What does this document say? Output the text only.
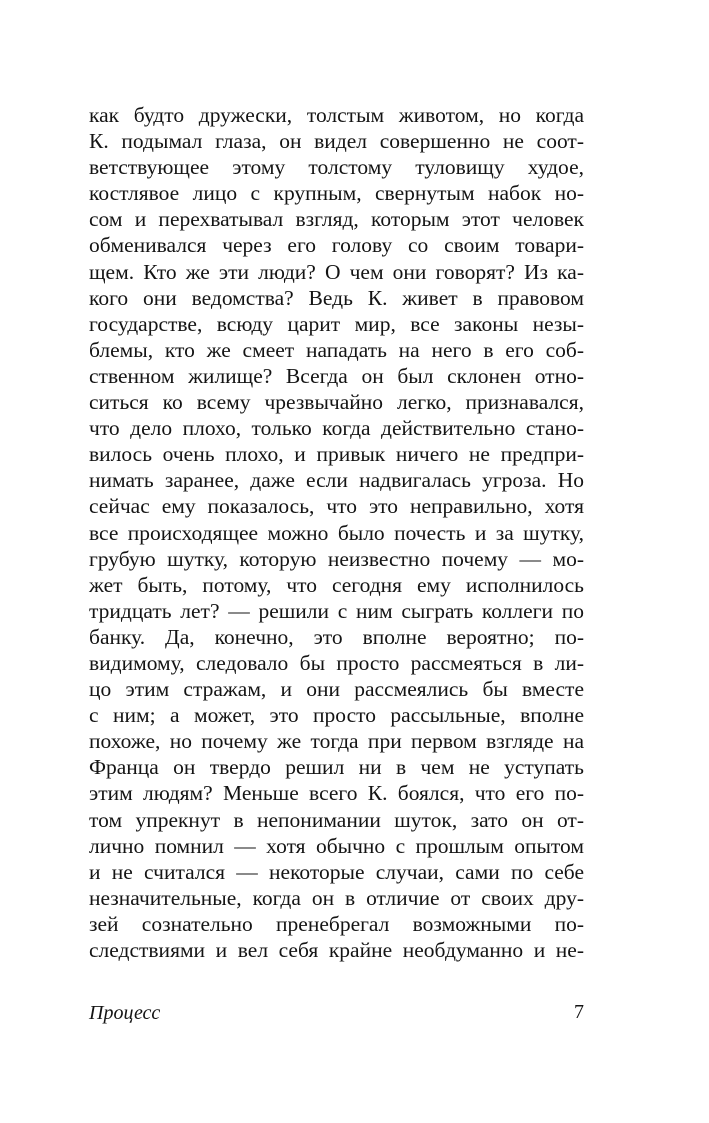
как будто дружески, толстым животом, но когда
К. подымал глаза, он видел совершенно не соот-
ветствующее этому толстому туловищу худое,
костлявое лицо с крупным, свернутым набок но-
сом и перехватывал взгляд, которым этот человек
обменивался через его голову со своим товари-
щем. Кто же эти люди? О чем они говорят? Из ка-
кого они ведомства? Ведь К. живет в правовом
государстве, всюду царит мир, все законы незы-
блемы, кто же смеет нападать на него в его соб-
ственном жилище? Всегда он был склонен отно-
ситься ко всему чрезвычайно легко, признавался,
что дело плохо, только когда действительно стано-
вилось очень плохо, и привык ничего не предпри-
нимать заранее, даже если надвигалась угроза. Но
сейчас ему показалось, что это неправильно, хотя
все происходящее можно было почесть и за шутку,
грубую шутку, которую неизвестно почему — мо-
жет быть, потому, что сегодня ему исполнилось
тридцать лет? — решили с ним сыграть коллеги по
банку. Да, конечно, это вполне вероятно; по-
видимому, следовало бы просто рассмеяться в ли-
цо этим стражам, и они рассмеялись бы вместе
с ним; а может, это просто рассыльные, вполне
похоже, но почему же тогда при первом взгляде на
Франца он твердо решил ни в чем не уступать
этим людям? Меньше всего К. боялся, что его по-
том упрекнут в непонимании шуток, зато он от-
лично помнил — хотя обычно с прошлым опытом
и не считался — некоторые случаи, сами по себе
незначительные, когда он в отличие от своих дру-
зей сознательно пренебрегал возможными по-
следствиями и вел себя крайне необдуманно и не-
Процесс	7
